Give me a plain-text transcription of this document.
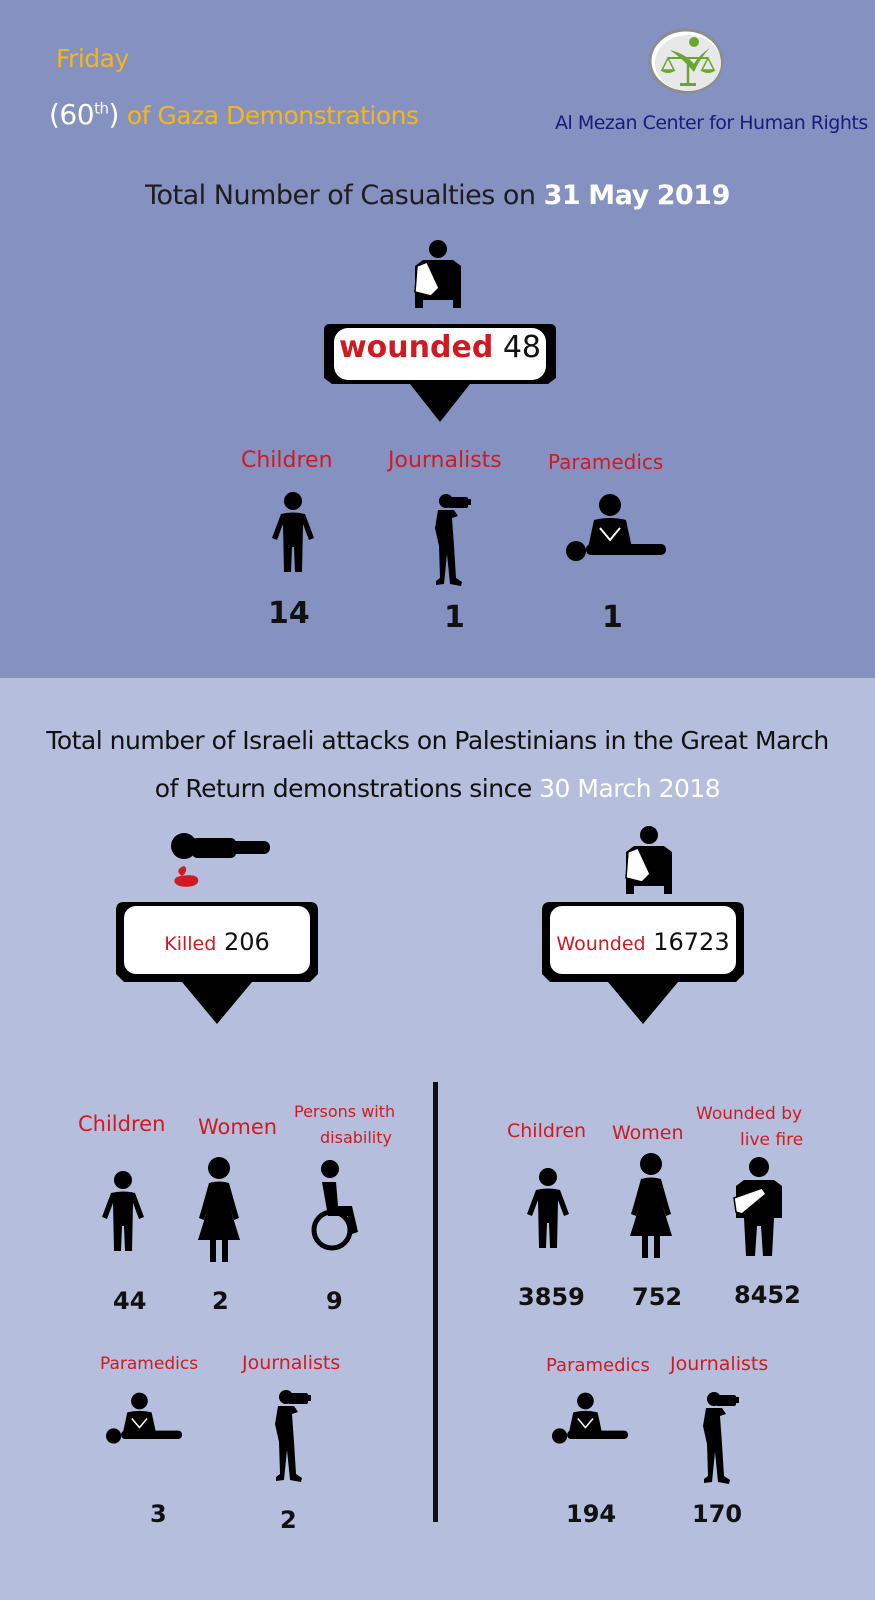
Friday
(60th) of Gaza Demonstrations	Al Mezan Center for Human Rights
Total Number of Casualties on 31 May 2019
wounded 48
Children	Journalists Paramedics
14	1	1
Total number of Israeli attacks on Palestinians in the Great March
of Return demonstrations since 30 March 2018
Killed 206	Wounded 16723
Children Women
Persons with
disability
44	2	9
Paramedics Journalists
3	2
Children Women
Wounded by
live fire
3859 752 8452
Paramedics Journalists
194	170
